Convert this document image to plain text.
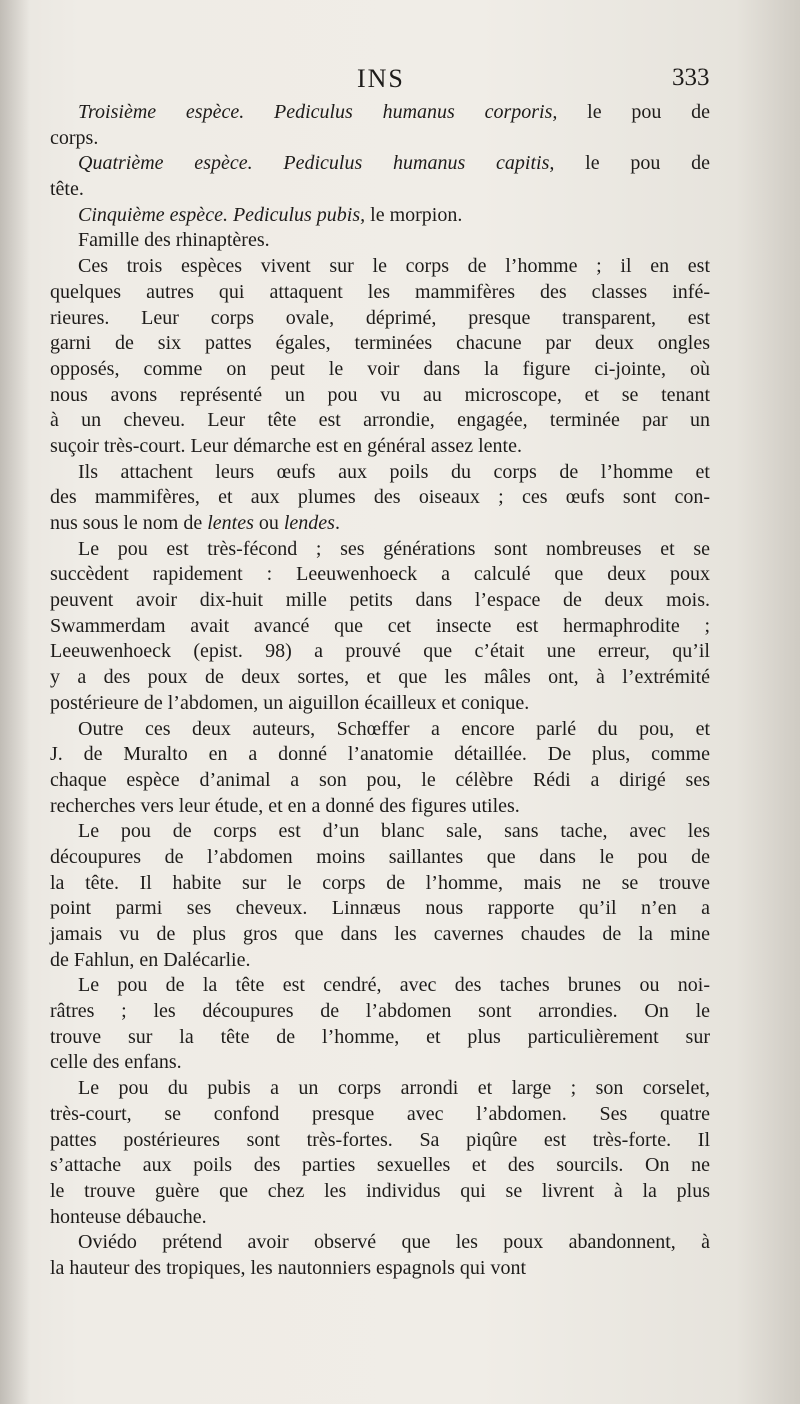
INS	333
Troisième espèce. Pediculus humanus corporis, le pou de
corps.
Quatrième espèce. Pediculus humanus capitis, le pou de
tête.
Cinquième espèce. Pediculus pubis, le morpion.
Famille des rhinaptères.
Ces trois espèces vivent sur le corps de l’homme ; il en est
quelques autres qui attaquent les mammifères des classes infé-
rieures. Leur corps ovale, déprimé, presque transparent, est
garni de six pattes égales, terminées chacune par deux ongles
opposés, comme on peut le voir dans la figure ci-jointe, où
nous avons représenté un pou vu au microscope, et se tenant
à un cheveu. Leur tête est arrondie, engagée, terminée par un
suçoir très-court. Leur démarche est en général assez lente.
Ils attachent leurs œufs aux poils du corps de l’homme et
des mammifères, et aux plumes des oiseaux ; ces œufs sont con-
nus sous le nom de lentes ou lendes.
Le pou est très-fécond ; ses générations sont nombreuses et se
succèdent rapidement : Leeuwenhoeck a calculé que deux poux
peuvent avoir dix-huit mille petits dans l’espace de deux mois.
Swammerdam avait avancé que cet insecte est hermaphrodite ;
Leeuwenhoeck (epist. 98) a prouvé que c’était une erreur, qu’il
y a des poux de deux sortes, et que les mâles ont, à l’extrémité
postérieure de l’abdomen, un aiguillon écailleux et conique.
Outre ces deux auteurs, Schœffer a encore parlé du pou, et
J. de Muralto en a donné l’anatomie détaillée. De plus, comme
chaque espèce d’animal a son pou, le célèbre Rédi a dirigé ses
recherches vers leur étude, et en a donné des figures utiles.
Le pou de corps est d’un blanc sale, sans tache, avec les
découpures de l’abdomen moins saillantes que dans le pou de
la tête. Il habite sur le corps de l’homme, mais ne se trouve
point parmi ses cheveux. Linnæus nous rapporte qu’il n’en a
jamais vu de plus gros que dans les cavernes chaudes de la mine
de Fahlun, en Dalécarlie.
Le pou de la tête est cendré, avec des taches brunes ou noi-
râtres ; les découpures de l’abdomen sont arrondies. On le
trouve sur la tête de l’homme, et plus particulièrement sur
celle des enfans.
Le pou du pubis a un corps arrondi et large ; son corselet,
très-court, se confond presque avec l’abdomen. Ses quatre
pattes postérieures sont très-fortes. Sa piqûre est très-forte. Il
s’attache aux poils des parties sexuelles et des sourcils. On ne
le trouve guère que chez les individus qui se livrent à la plus
honteuse débauche.
Oviédo prétend avoir observé que les poux abandonnent, à
la hauteur des tropiques, les nautonniers espagnols qui vont
